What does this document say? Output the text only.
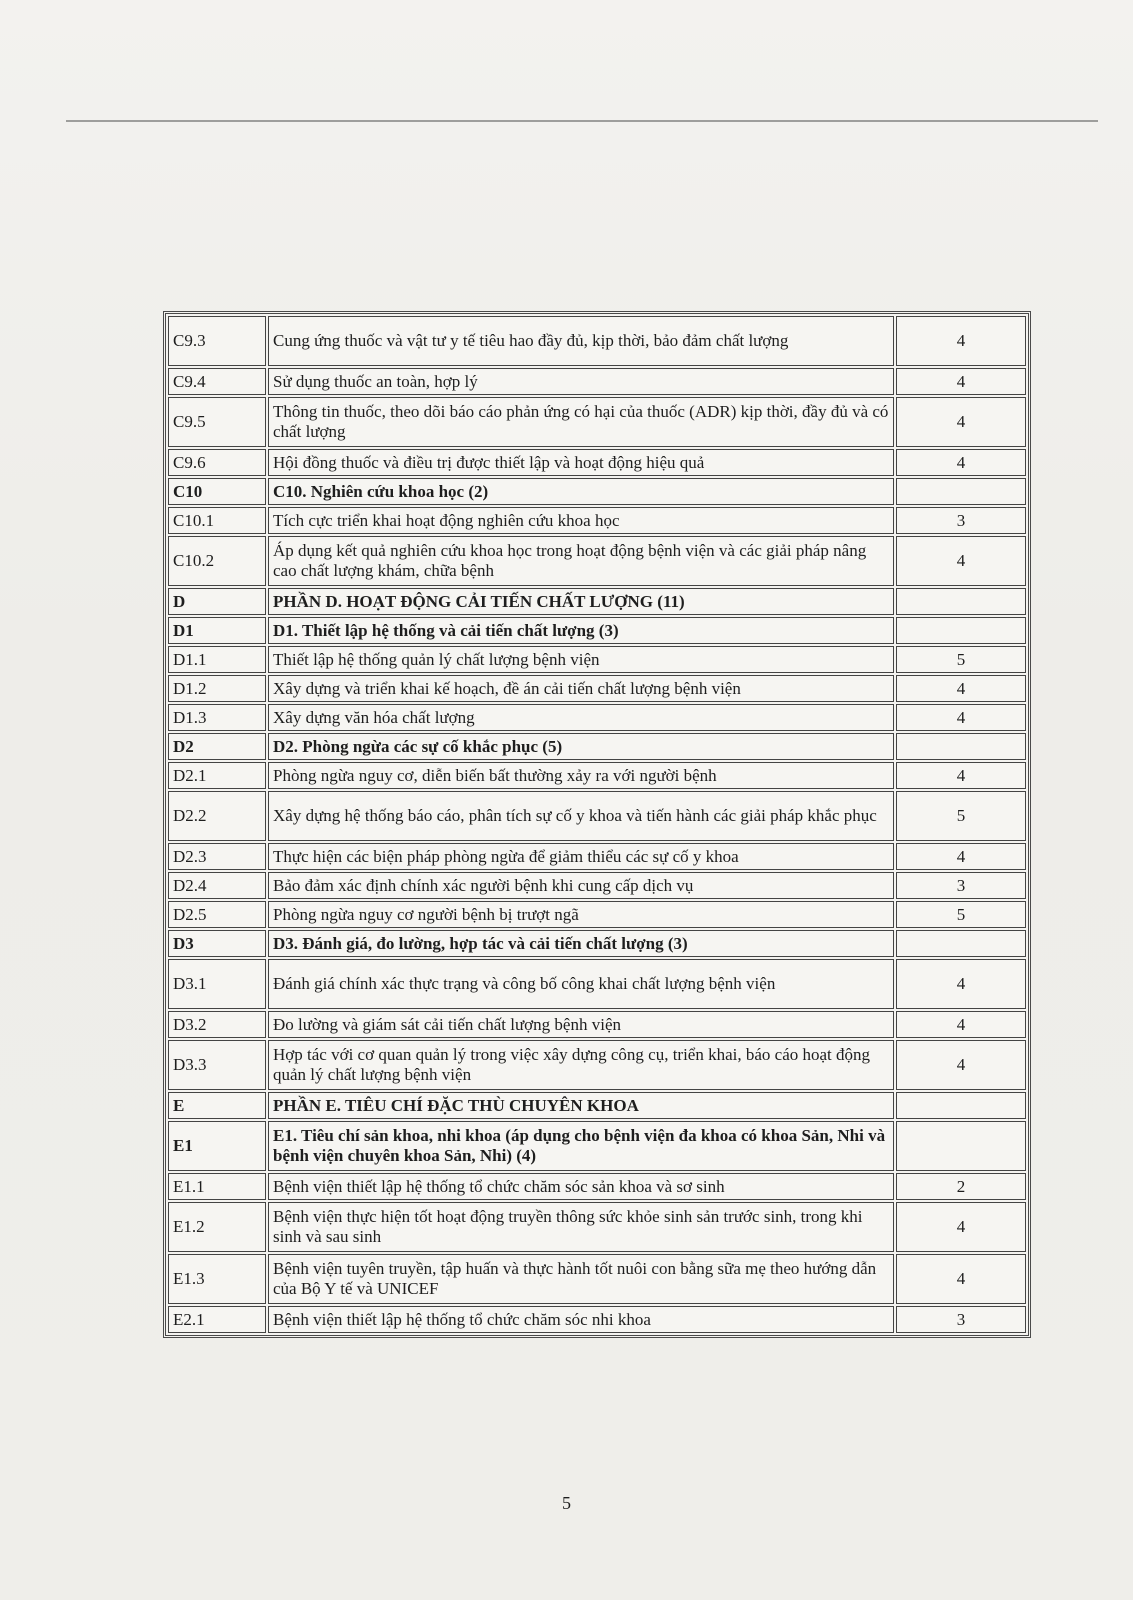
C9.3	Cung ứng thuốc và vật tư y tế tiêu hao đầy đủ, kịp thời, bảo đảm chất lượng	4
C9.4	Sử dụng thuốc an toàn, hợp lý	4
C9.5	Thông tin thuốc, theo dõi báo cáo phản ứng có hại của thuốc (ADR) kịp thời, đầy đủ và có chất lượng	4
C9.6	Hội đồng thuốc và điều trị được thiết lập và hoạt động hiệu quả	4
C10	C10. Nghiên cứu khoa học (2)	
C10.1	Tích cực triển khai hoạt động nghiên cứu khoa học	3
C10.2	Áp dụng kết quả nghiên cứu khoa học trong hoạt động bệnh viện và các giải pháp nâng cao chất lượng khám, chữa bệnh	4
D	PHẦN D. HOẠT ĐỘNG CẢI TIẾN CHẤT LƯỢNG (11)	
D1	D1. Thiết lập hệ thống và cải tiến chất lượng (3)	
D1.1	Thiết lập hệ thống quản lý chất lượng bệnh viện	5
D1.2	Xây dựng và triển khai kế hoạch, đề án cải tiến chất lượng bệnh viện	4
D1.3	Xây dựng văn hóa chất lượng	4
D2	D2. Phòng ngừa các sự cố khắc phục (5)	
D2.1	Phòng ngừa nguy cơ, diễn biến bất thường xảy ra với người bệnh	4
D2.2	Xây dựng hệ thống báo cáo, phân tích sự cố y khoa và tiến hành các giải pháp khắc phục	5
D2.3	Thực hiện các biện pháp phòng ngừa để giảm thiểu các sự cố y khoa	4
D2.4	Bảo đảm xác định chính xác người bệnh khi cung cấp dịch vụ	3
D2.5	Phòng ngừa nguy cơ người bệnh bị trượt ngã	5
D3	D3. Đánh giá, đo lường, hợp tác và cải tiến chất lượng (3)	
D3.1	Đánh giá chính xác thực trạng và công bố công khai chất lượng bệnh viện	4
D3.2	Đo lường và giám sát cải tiến chất lượng bệnh viện	4
D3.3	Hợp tác với cơ quan quản lý trong việc xây dựng công cụ, triển khai, báo cáo hoạt động quản lý chất lượng bệnh viện	4
E	PHẦN E. TIÊU CHÍ ĐẶC THÙ CHUYÊN KHOA	
E1	E1. Tiêu chí sản khoa, nhi khoa (áp dụng cho bệnh viện đa khoa có khoa Sản, Nhi và bệnh viện chuyên khoa Sản, Nhi) (4)	
E1.1	Bệnh viện thiết lập hệ thống tổ chức chăm sóc sản khoa và sơ sinh	2
E1.2	Bệnh viện thực hiện tốt hoạt động truyền thông sức khỏe sinh sản trước sinh, trong khi sinh và sau sinh	4
E1.3	Bệnh viện tuyên truyền, tập huấn và thực hành tốt nuôi con bằng sữa mẹ theo hướng dẫn của Bộ Y tế và UNICEF	4
E2.1	Bệnh viện thiết lập hệ thống tổ chức chăm sóc nhi khoa	3
5
